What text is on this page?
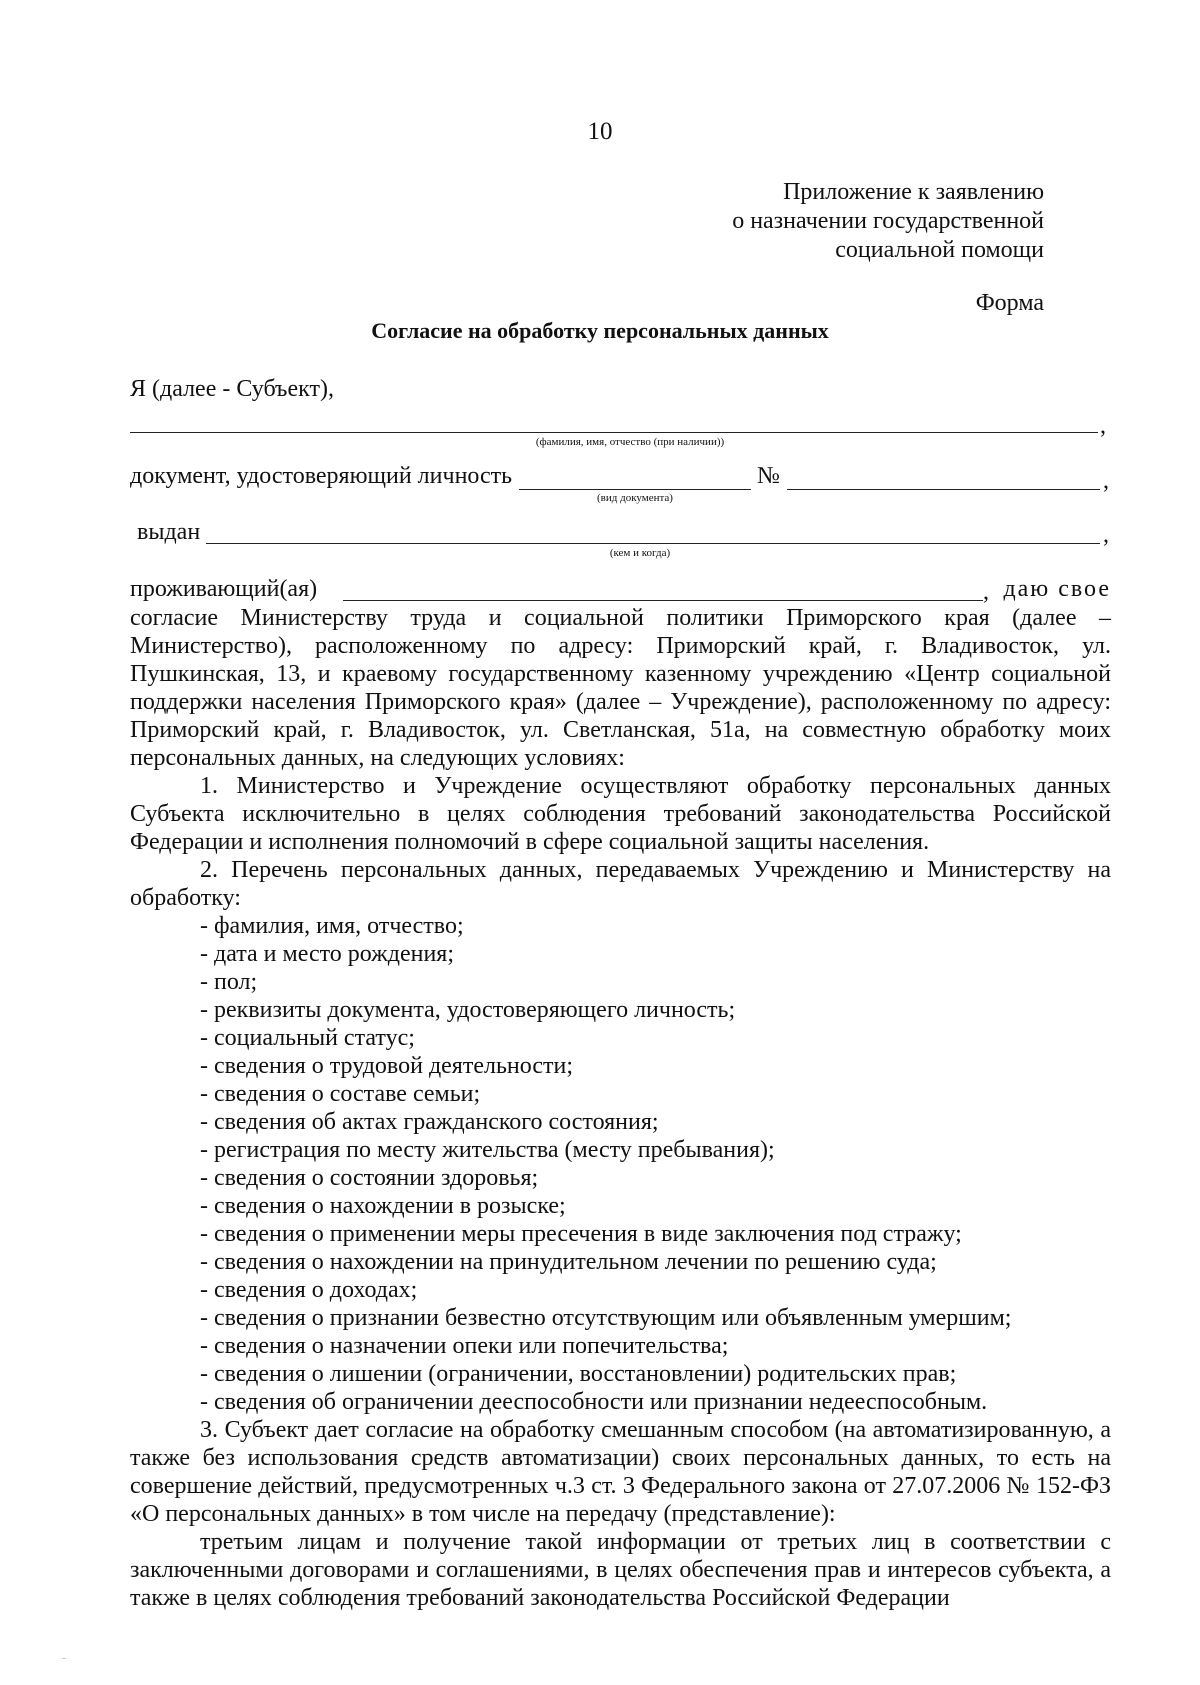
10
Приложение к заявлению
о назначении государственной
социальной помощи
Форма
Согласие на обработку персональных данных
Я (далее - Субъект),
,
(фамилия, имя, отчество (при наличии))
документ, удостоверяющий личность	№	,
(вид документа)
выдан	,
(кем и когда)
проживающий(ая)	, даю свое

согласие Министерству труда и социальной политики Приморского края (далее – Министерство), расположенному по адресу: Приморский край, г. Владивосток, ул. Пушкинская, 13, и краевому государственному казенному учреждению «Центр социальной поддержки населения Приморского края» (далее – Учреждение), расположенному по адресу: Приморский край, г. Владивосток, ул. Светланская, 51а, на совместную обработку моих персональных данных, на следующих условиях:

1. Министерство и Учреждение осуществляют обработку персональных данных Субъекта исключительно в целях соблюдения требований законодательства Российской Федерации и исполнения полномочий в сфере социальной защиты населения.

2. Перечень персональных данных, передаваемых Учреждению и Министерству на обработку:

- фамилия, имя, отчество;
- дата и место рождения;
- пол;
- реквизиты документа, удостоверяющего личность;
- социальный статус;
- сведения о трудовой деятельности;
- сведения о составе семьи;
- сведения об актах гражданского состояния;
- регистрация по месту жительства (месту пребывания);
- сведения о состоянии здоровья;
- сведения о нахождении в розыске;
- сведения о применении меры пресечения в виде заключения под стражу;
- сведения о нахождении на принудительном лечении по решению суда;
- сведения о доходах;
- сведения о признании безвестно отсутствующим или объявленным умершим;
- сведения о назначении опеки или попечительства;
- сведения о лишении (ограничении, восстановлении) родительских прав;
- сведения об ограничении дееспособности или признании недееспособным.

3. Субъект дает согласие на обработку смешанным способом (на автоматизированную, а также без использования средств автоматизации) своих персональных данных, то есть на совершение действий, предусмотренных ч.3 ст. 3 Федерального закона от 27.07.2006 № 152-ФЗ «О персональных данных» в том числе на передачу (представление):

третьим лицам и получение такой информации от третьих лиц в соответствии с заключенными договорами и соглашениями, в целях обеспечения прав и интересов субъекта, а также в целях соблюдения требований законодательства Российской Федерации
